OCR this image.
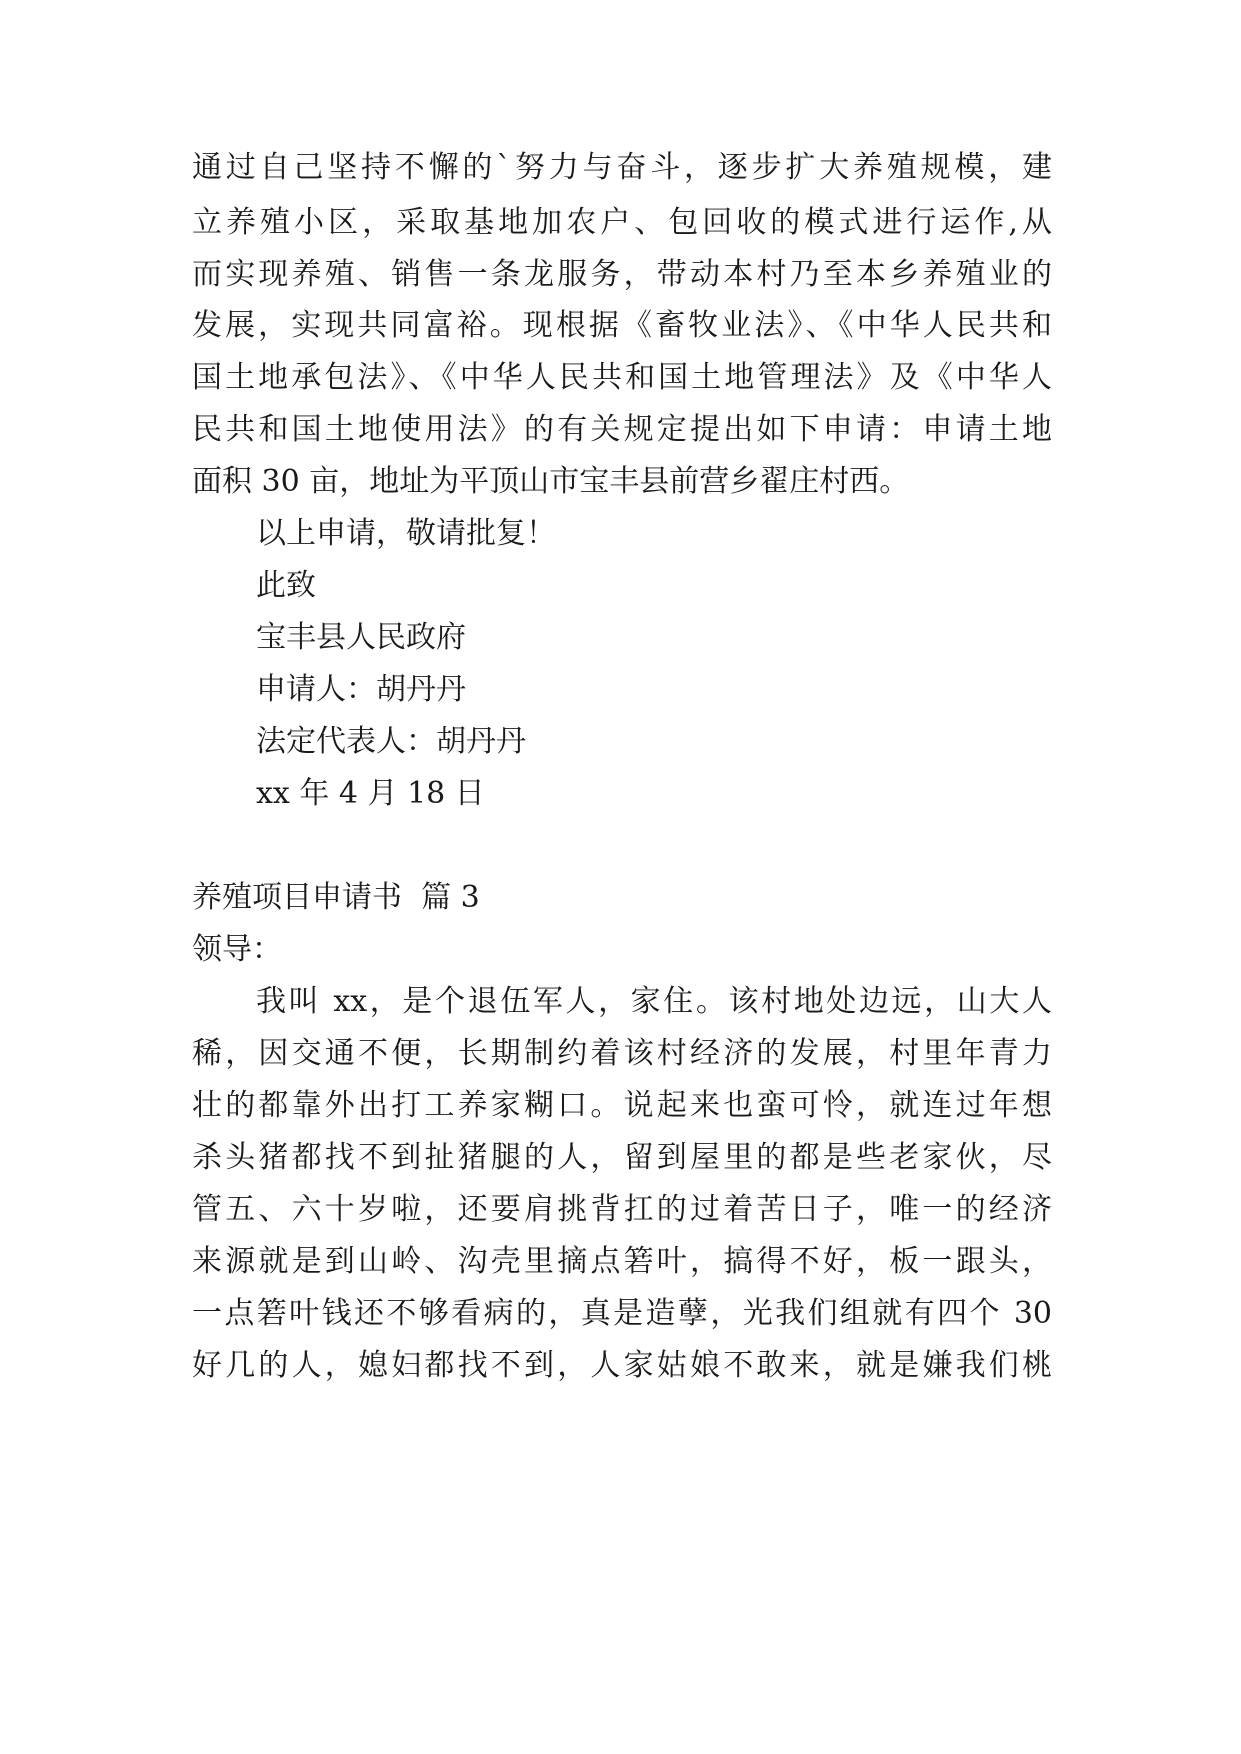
通过自己坚持不懈的`努力与奋斗，逐步扩大养殖规模，建
立养殖小区，采取基地加农户、包回收的模式进行运作,从
而实现养殖、销售一条龙服务，带动本村乃至本乡养殖业的
发展，实现共同富裕。现根据《畜牧业法》、《中华人民共和
国土地承包法》、《中华人民共和国土地管理法》及《中华人
民共和国土地使用法》的有关规定提出如下申请：申请土地
面积 30 亩，地址为平顶山市宝丰县前营乡翟庄村西。
以上申请，敬请批复！
此致
宝丰县人民政府
申请人：胡丹丹
法定代表人：胡丹丹
xx 年 4 月 18 日
养殖项目申请书  篇 3
领导：
我叫 xx，是个退伍军人，家住。该村地处边远，山大人
稀，因交通不便，长期制约着该村经济的发展，村里年青力
壮的都靠外出打工养家糊口。说起来也蛮可怜，就连过年想
杀头猪都找不到扯猪腿的人，留到屋里的都是些老家伙，尽
管五、六十岁啦，还要肩挑背扛的过着苦日子，唯一的经济
来源就是到山岭、沟壳里摘点箬叶，搞得不好，板一跟头，
一点箬叶钱还不够看病的，真是造孽，光我们组就有四个 30
好几的人，媳妇都找不到，人家姑娘不敢来，就是嫌我们桃
